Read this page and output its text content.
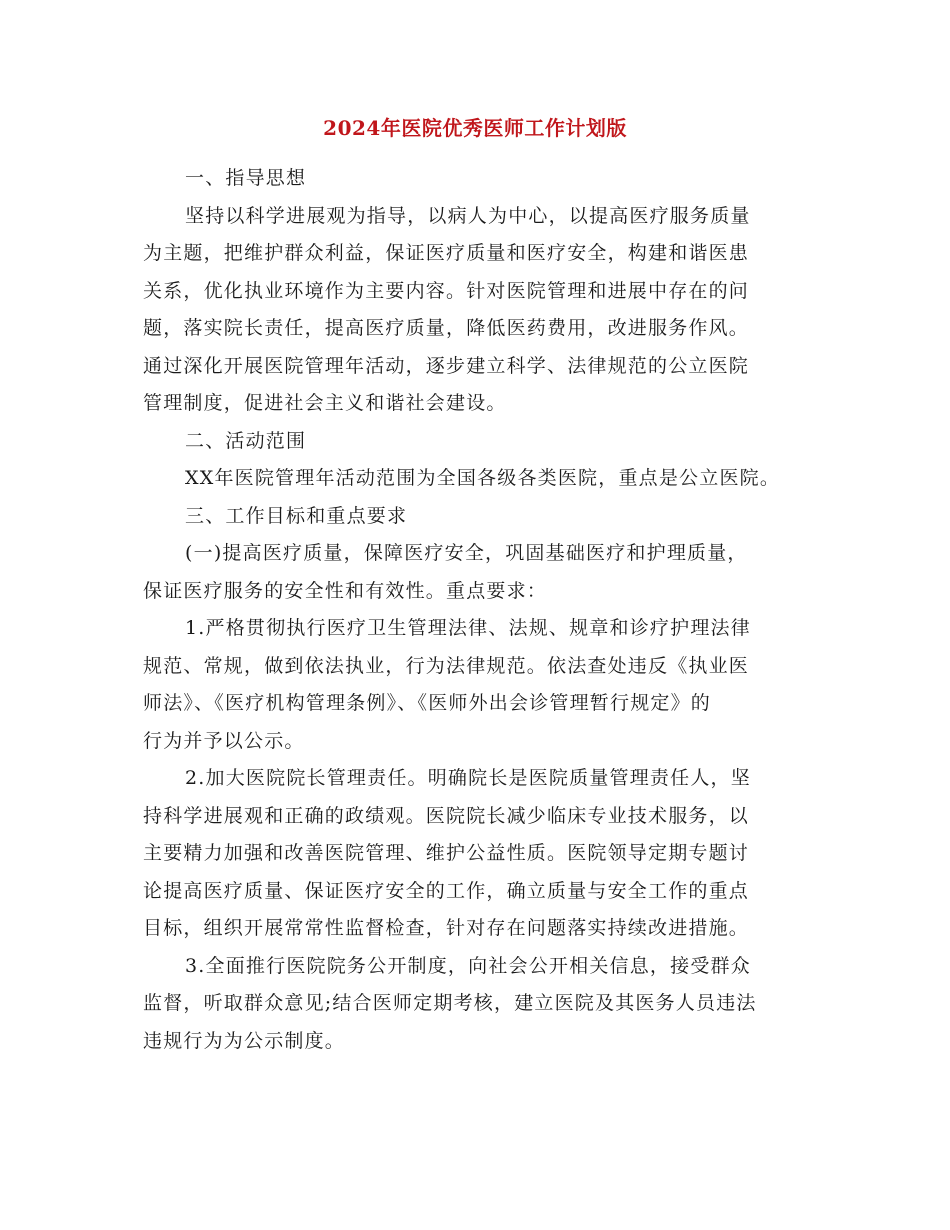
2024年医院优秀医师工作计划版
一、指导思想
坚持以科学进展观为指导，以病人为中心，以提高医疗服务质量
为主题，把维护群众利益，保证医疗质量和医疗安全，构建和谐医患
关系，优化执业环境作为主要内容。针对医院管理和进展中存在的问
题，落实院长责任，提高医疗质量，降低医药费用，改进服务作风。
通过深化开展医院管理年活动，逐步建立科学、法律规范的公立医院
管理制度，促进社会主义和谐社会建设。
二、活动范围
XX年医院管理年活动范围为全国各级各类医院，重点是公立医院。
三、工作目标和重点要求
(一)提高医疗质量，保障医疗安全，巩固基础医疗和护理质量，
保证医疗服务的安全性和有效性。重点要求：
1.严格贯彻执行医疗卫生管理法律、法规、规章和诊疗护理法律
规范、常规，做到依法执业，行为法律规范。依法查处违反《执业医
师法》、《医疗机构管理条例》、《医师外出会诊管理暂行规定》的
行为并予以公示。
2.加大医院院长管理责任。明确院长是医院质量管理责任人，坚
持科学进展观和正确的政绩观。医院院长减少临床专业技术服务，以
主要精力加强和改善医院管理、维护公益性质。医院领导定期专题讨
论提高医疗质量、保证医疗安全的工作，确立质量与安全工作的重点
目标，组织开展常常性监督检查，针对存在问题落实持续改进措施。
3.全面推行医院院务公开制度，向社会公开相关信息，接受群众
监督，听取群众意见;结合医师定期考核，建立医院及其医务人员违法
违规行为为公示制度。
